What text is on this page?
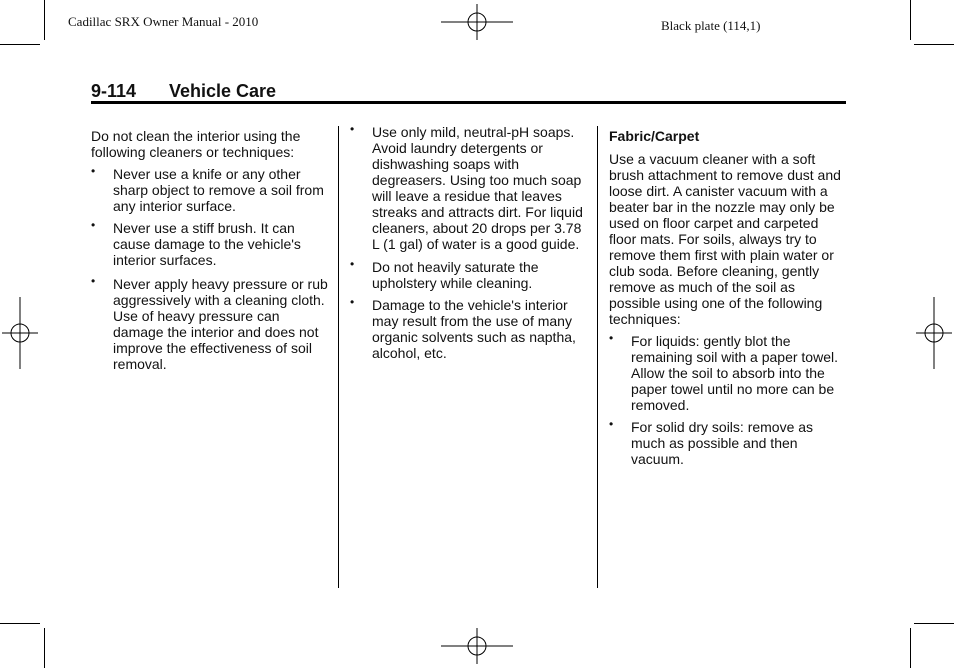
Cadillac SRX Owner Manual - 2010	Black plate (114,1)
9-114 Vehicle Care

Do not clean the interior using the following cleaners or techniques:

• Never use a knife or any other sharp object to remove a soil from any interior surface.
• Never use a stiff brush. It can cause damage to the vehicle's interior surfaces.
• Never apply heavy pressure or rub aggressively with a cleaning cloth. Use of heavy pressure can damage the interior and does not improve the effectiveness of soil removal.
• Use only mild, neutral-pH soaps. Avoid laundry detergents or dishwashing soaps with degreasers. Using too much soap will leave a residue that leaves streaks and attracts dirt. For liquid cleaners, about 20 drops per 3.78 L (1 gal) of water is a good guide.
• Do not heavily saturate the upholstery while cleaning.
• Damage to the vehicle's interior may result from the use of many organic solvents such as naptha, alcohol, etc.
Fabric/Carpet

Use a vacuum cleaner with a soft brush attachment to remove dust and loose dirt. A canister vacuum with a beater bar in the nozzle may only be used on floor carpet and carpeted floor mats. For soils, always try to remove them first with plain water or club soda. Before cleaning, gently remove as much of the soil as possible using one of the following techniques:

• For liquids: gently blot the remaining soil with a paper towel. Allow the soil to absorb into the paper towel until no more can be removed.
• For solid dry soils: remove as much as possible and then vacuum.
